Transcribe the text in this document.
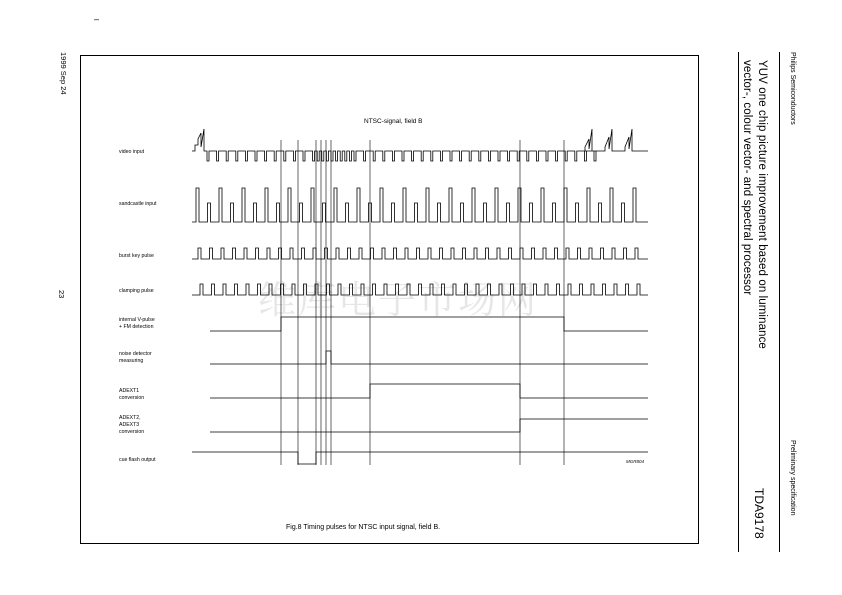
Philips Semiconductors
Preliminary specification
YUV one chip picture improvement based on luminance
vector-, colour vector- and spectral processor
TDA9178
1999 Sep 24
23
–
维库电子市场网
NTSC-signal, field B
video input
sandcastle input
burst key pulse
clamping pulse
internal V-pulse
+ FM detection
noise detector
measuring
ADEXT1
conversion
ADEXT2,
ADEXT3
conversion
cue flash output	MGR804
Fig.8 Timing pulses for NTSC input signal, field B.
